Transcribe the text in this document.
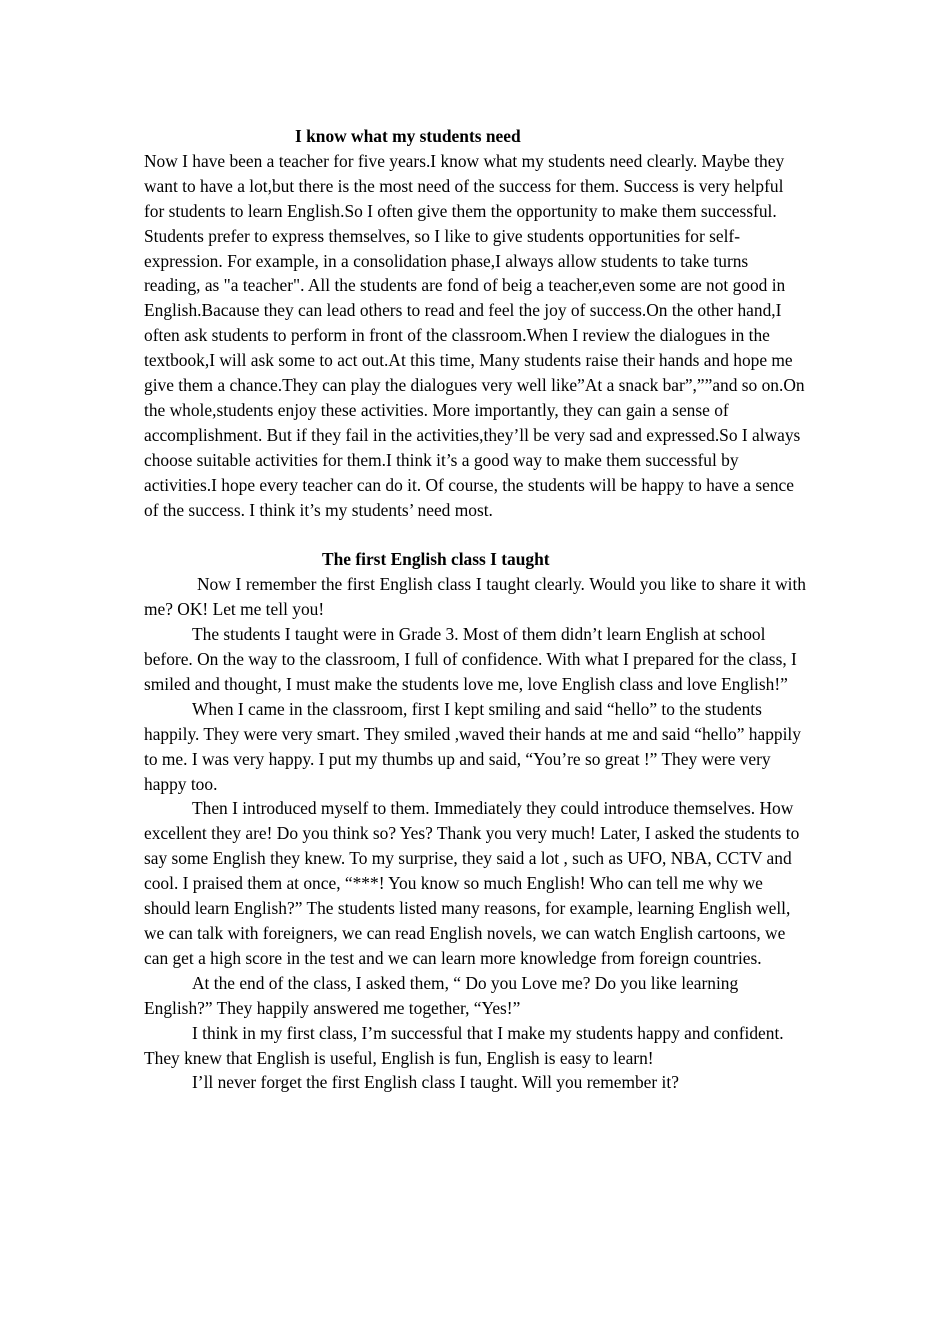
I know what my students need

Now I have been a teacher for five years.I know what my students need clearly. Maybe they want to have a lot,but there is the most need of the success for them. Success is very helpful for students to learn English.So I often give them the opportunity to make them successful.

Students prefer to express themselves, so I like to give students opportunities for self-expression. For example, in a consolidation phase,I always allow students to take turns reading, as "a teacher". All the students are fond of beig a teacher,even some are not good in English.Bacause they can lead others to read and feel the joy of success.On the other hand,I often ask students to perform in front of the classroom.When I review the dialogues in the textbook,I will ask some to act out.At this time, Many students raise their hands and hope me give them a chance.They can play the dialogues very well like”At a snack bar”,””and so on.On the whole,students enjoy these activities. More importantly, they can gain a sense of accomplishment. But if they fail in the activities,they’ll be very sad and expressed.So I always choose suitable activities for them.I think it’s a good way to make them successful by activities.I hope every teacher can do it. Of course, the students will be happy to have a sence of the success. I think it’s my students’ need most.

The first English class I taught

Now I remember the first English class I taught clearly. Would you like to share it with me? OK! Let me tell you!

The students I taught were in Grade 3. Most of them didn’t learn English at school before. On the way to the classroom, I full of confidence. With what I prepared for the class, I smiled and thought, I must make the students love me, love English class and love English!”

When I came in the classroom, first I kept smiling and said “hello” to the students happily. They were very smart. They smiled ,waved their hands at me and said “hello” happily to me. I was very happy. I put my thumbs up and said, “You’re so great !” They were very happy too.

Then I introduced myself to them. Immediately they could introduce themselves. How excellent they are! Do you think so? Yes? Thank you very much! Later, I asked the students to say some English they knew. To my surprise, they said a lot , such as UFO, NBA, CCTV and cool. I praised them at once, “***! You know so much English! Who can tell me why we should learn English?” The students listed many reasons, for example, learning English well, we can talk with foreigners, we can read English novels, we can watch English cartoons, we can get a high score in the test and we can learn more knowledge from foreign countries.

At the end of the class, I asked them, “ Do you Love me? Do you like learning English?” They happily answered me together, “Yes!”

I think in my first class, I’m successful that I make my students happy and confident. They knew that English is useful, English is fun, English is easy to learn!

I’ll never forget the first English class I taught. Will you remember it?
